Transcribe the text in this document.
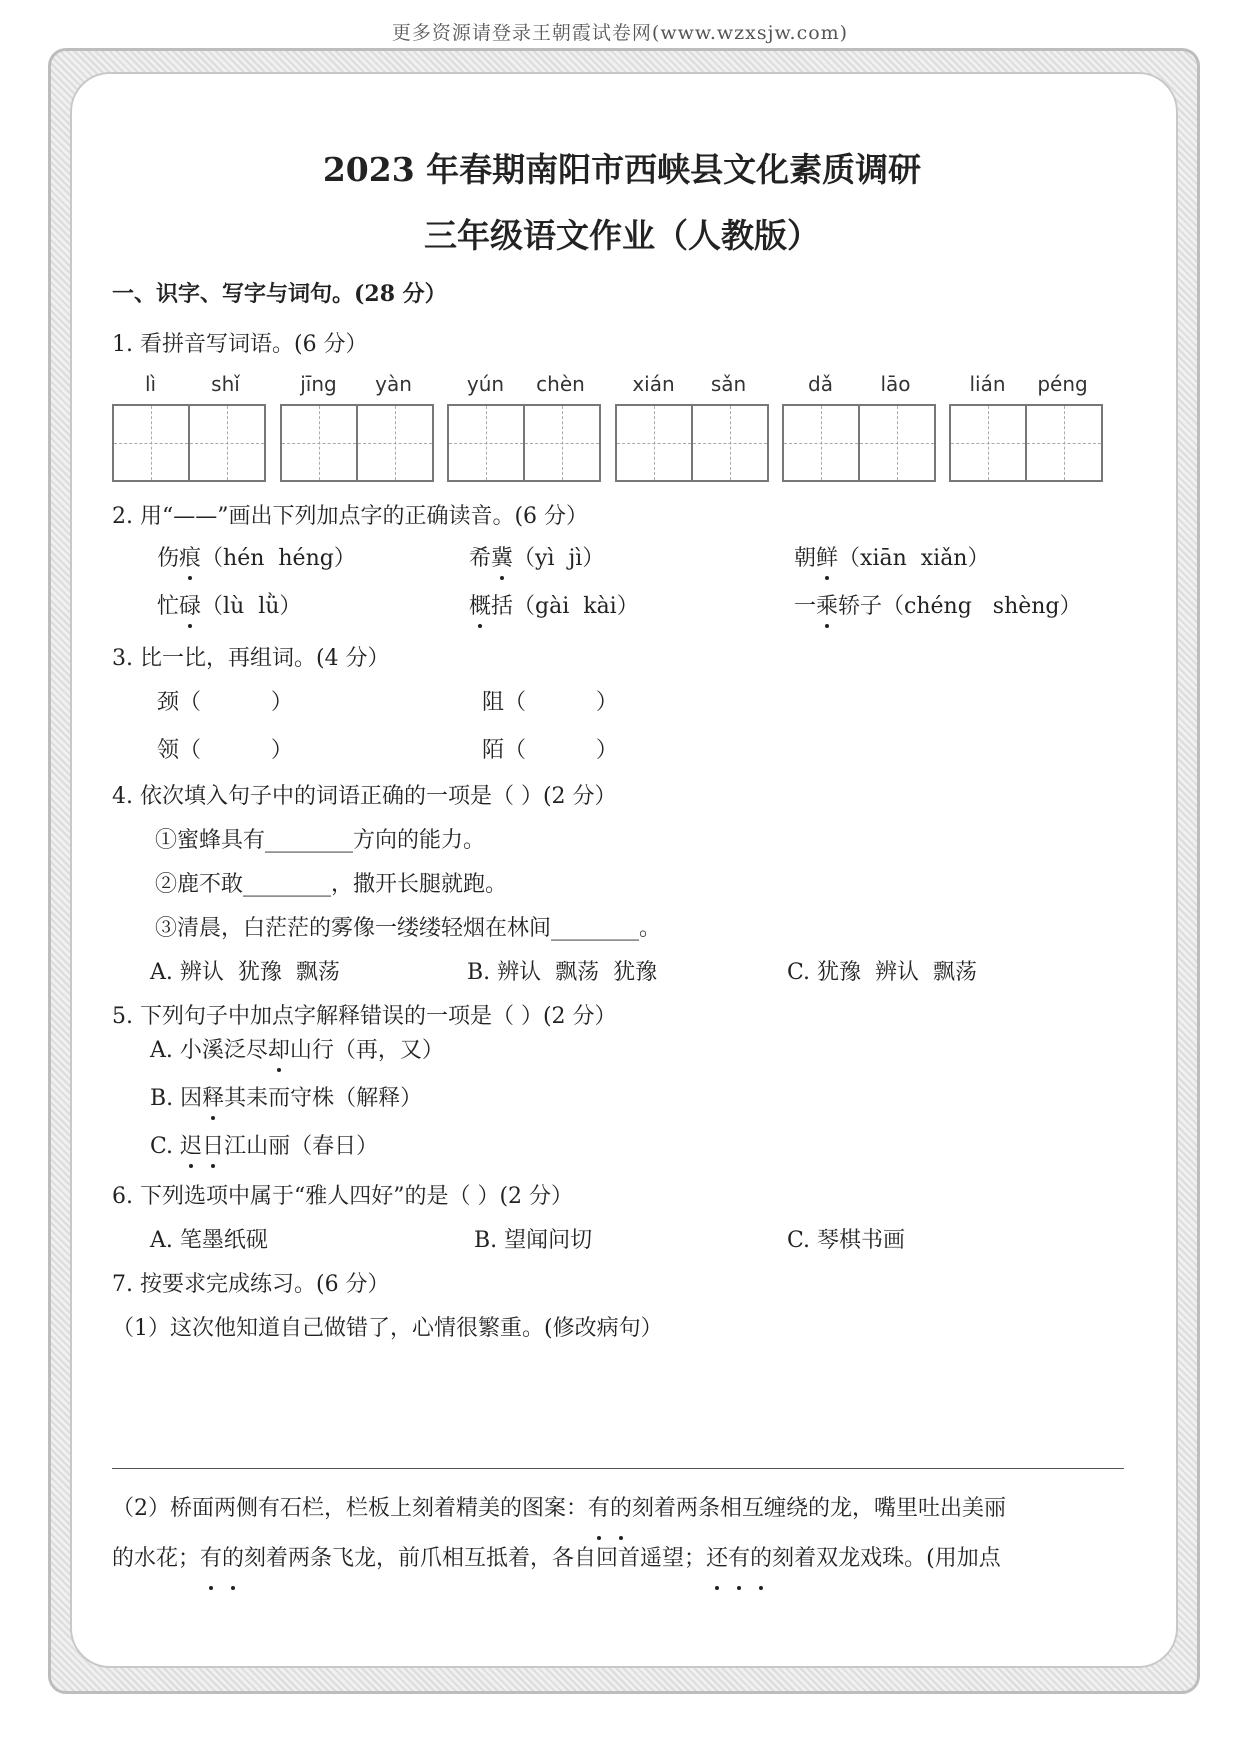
更多资源请登录王朝霞试卷网(www.wzxsjw.com)
2023 年春期南阳市西峡县文化素质调研
三年级语文作业（人教版）

一、识字、写字与词句。(28 分）

1. 看拼音写词语。(6 分）

lì	shǐ	jīng	yàn	yún	chèn	xián	sǎn	dǎ	lāo	lián	péng

2. 用“——”画出下列加点字的正确读音。(6 分）

伤痕（hén  héng）	希冀（yì  jì）	朝鲜（xiān  xiǎn）
忙碌（lù  lǜ）	概括（gài  kài）	一乘轿子（chéng   shèng）

3. 比一比，再组词。(4 分）

颈（          ）	阻（          ）
领（          ）	陌（          ）

4. 依次填入句子中的词语正确的一项是（ ）(2 分）

①蜜蜂具有________方向的能力。

②鹿不敢________，撒开长腿就跑。

③清晨，白茫茫的雾像一缕缕轻烟在林间________。

A. 辨认  犹豫  飘荡	B. 辨认  飘荡  犹豫	C. 犹豫  辨认  飘荡

5. 下列句子中加点字解释错误的一项是（ ）(2 分）

A. 小溪泛尽却山行（再，又）

B. 因释其耒而守株（解释）

C. 迟日江山丽（春日）

6. 下列选项中属于“雅人四好”的是（ ）(2 分）

A. 笔墨纸砚	B. 望闻问切	C. 琴棋书画

7. 按要求完成练习。(6 分）

（1）这次他知道自己做错了，心情很繁重。(修改病句）

（2）桥面两侧有石栏，栏板上刻着精美的图案：有的刻着两条相互缠绕的龙，嘴里吐出美丽

的水花；有的刻着两条飞龙，前爪相互抵着，各自回首遥望；还有的刻着双龙戏珠。(用加点
